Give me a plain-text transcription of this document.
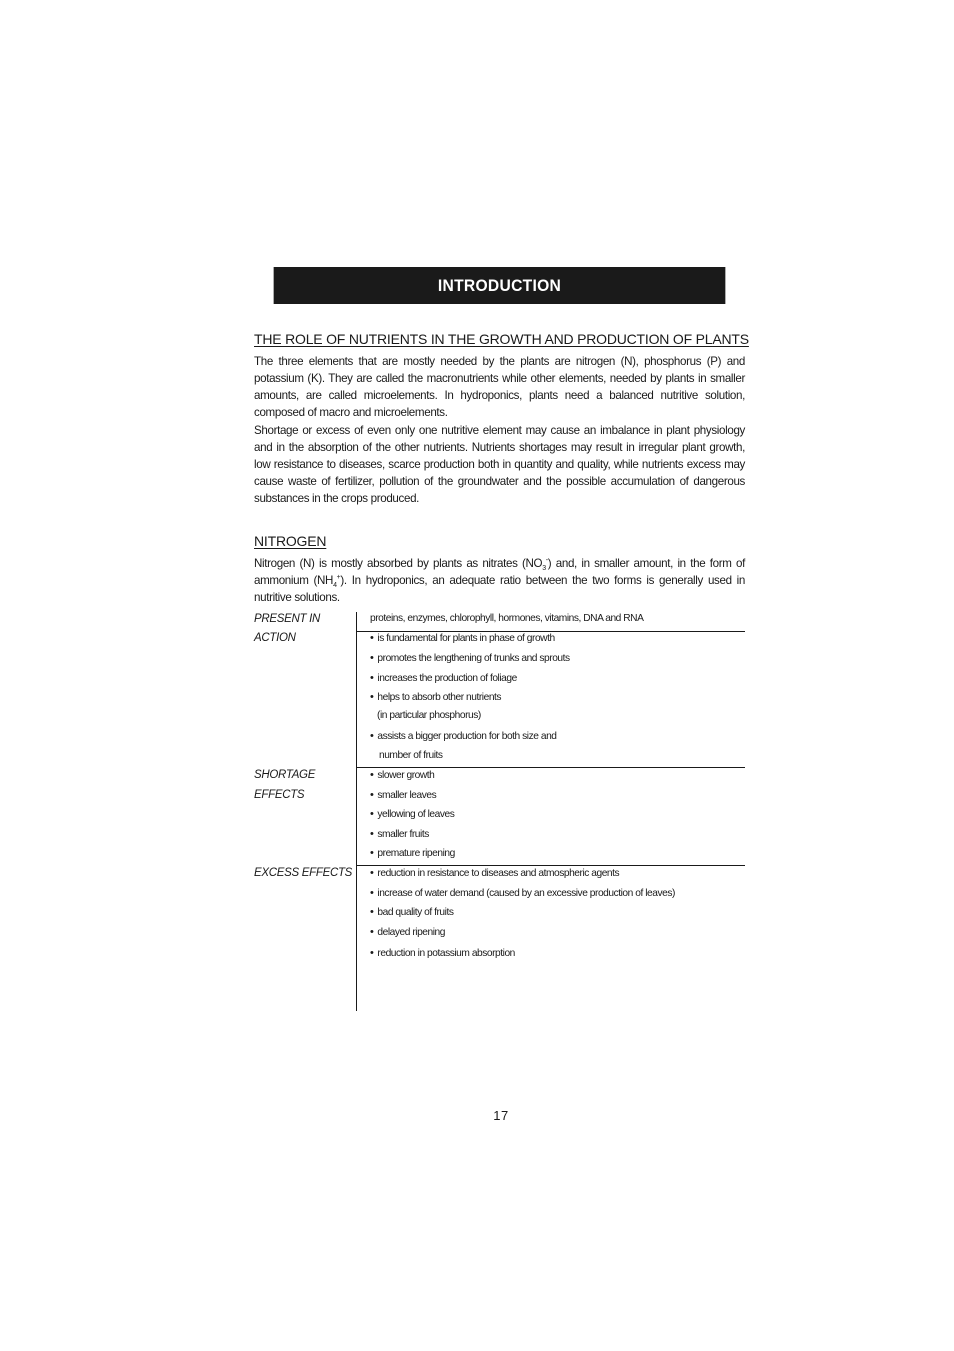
INTRODUCTION
THE ROLE OF NUTRIENTS IN THE GROWTH AND PRODUCTION OF PLANTS
The three elements that are mostly needed by the plants are nitrogen (N), phosphorus (P) and potassium (K). They are called the macronutrients while other elements, needed by plants in smaller amounts, are called microelements. In hydroponics, plants need a balanced nutritive solution, composed of macro and microelements.
Shortage or excess of even only one nutritive element may cause an imbalance in plant physiology and in the absorption of the other nutrients. Nutrients shortages may result in irregular plant growth, low resistance to diseases, scarce production both in quantity and quality, while nutrients excess may cause waste of fertilizer, pollution of the groundwater and the possible accumulation of dangerous substances in the crops produced.
NITROGEN
Nitrogen (N) is mostly absorbed by plants as nitrates $(NO_3^-)$ and, in smaller amount, in the form of ammonium $(NH_4^+)$. In hydroponics, an adequate ratio between the two forms is generally used in nutritive solutions.
PRESENT IN	proteins, enzymes, chlorophyll, hormones, vitamins, DNA and RNA
ACTION	• is fundamental for plants in phase of growth
• promotes the lengthening of trunks and sprouts
• increases the production of foliage
• helps to absorb other nutrients
(in particular phosphorus)
• assists a bigger production for both size and
number of fruits
SHORTAGE
EFFECTS
• slower growth
• smaller leaves
• yellowing of leaves
• smaller fruits
• premature ripening
EXCESS EFFECTS • reduction in resistance to diseases and atmospheric agents
• increase of water demand (caused by an excessive production of leaves)
• bad quality of fruits
• delayed ripening
• reduction in potassium absorption
17
